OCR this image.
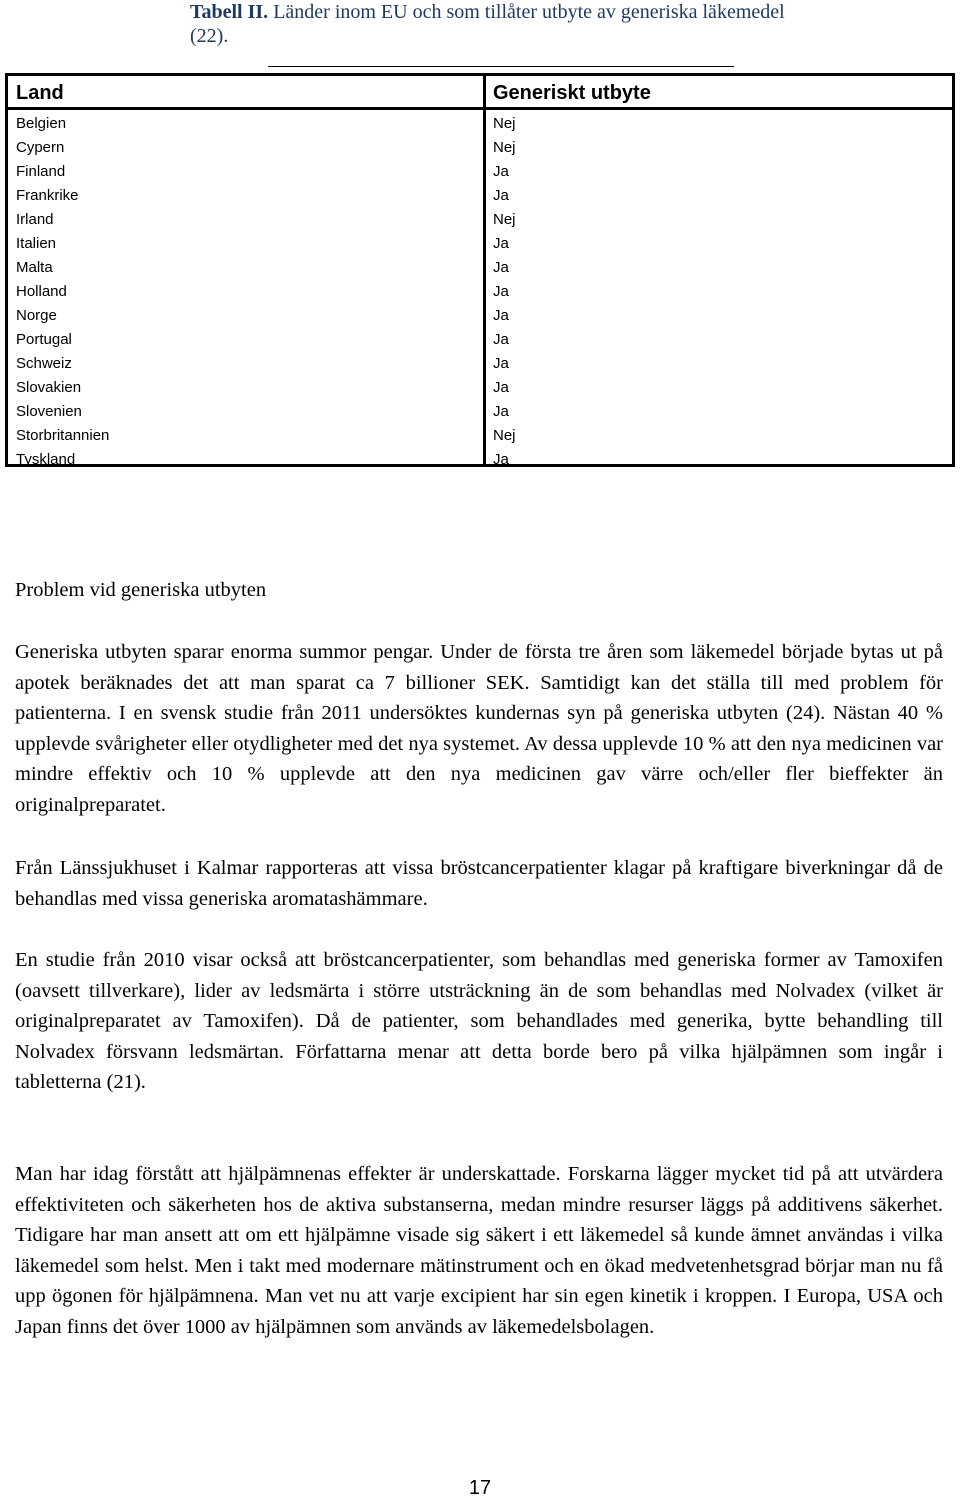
Tabell II. Länder inom EU och som tillåter utbyte av generiska läkemedel (22).
Land	Generiskt utbyte
Belgien	Nej
Cypern	Nej
Finland	Ja
Frankrike	Ja
Irland	Nej
Italien	Ja
Malta	Ja
Holland	Ja
Norge	Ja
Portugal	Ja
Schweiz	Ja
Slovakien	Ja
Slovenien	Ja
Storbritannien	Nej
Tyskland	Ja
Problem vid generiska utbyten
Generiska utbyten sparar enorma summor pengar. Under de första tre åren som läkemedel började bytas ut på apotek beräknades det att man sparat ca 7 billioner SEK. Samtidigt kan det ställa till med problem för patienterna. I en svensk studie från 2011 undersöktes kundernas syn på generiska utbyten (24). Nästan 40 % upplevde svårigheter eller otydligheter med det nya systemet. Av dessa upplevde 10 % att den nya medicinen var mindre effektiv och 10 % upplevde att den nya medicinen gav värre och/eller fler bieffekter än originalpreparatet.
Från Länssjukhuset i Kalmar rapporteras att vissa bröstcancerpatienter klagar på kraftigare biverkningar då de behandlas med vissa generiska aromatashämmare.
En studie från 2010 visar också att bröstcancerpatienter, som behandlas med generiska former av Tamoxifen (oavsett tillverkare), lider av ledsmärta i större utsträckning än de som behandlas med Nolvadex (vilket är originalpreparatet av Tamoxifen). Då de patienter, som behandlades med generika, bytte behandling till Nolvadex försvann ledsmärtan. Författarna menar att detta borde bero på vilka hjälpämnen som ingår i tabletterna (21).
Man har idag förstått att hjälpämnenas effekter är underskattade. Forskarna lägger mycket tid på att utvärdera effektiviteten och säkerheten hos de aktiva substanserna, medan mindre resurser läggs på additivens säkerhet. Tidigare har man ansett att om ett hjälpämne visade sig säkert i ett läkemedel så kunde ämnet användas i vilka läkemedel som helst. Men i takt med modernare mätinstrument och en ökad medvetenhetsgrad börjar man nu få upp ögonen för hjälpämnena. Man vet nu att varje excipient har sin egen kinetik i kroppen. I Europa, USA och Japan finns det över 1000 av hjälpämnen som används av läkemedelsbolagen.
17
